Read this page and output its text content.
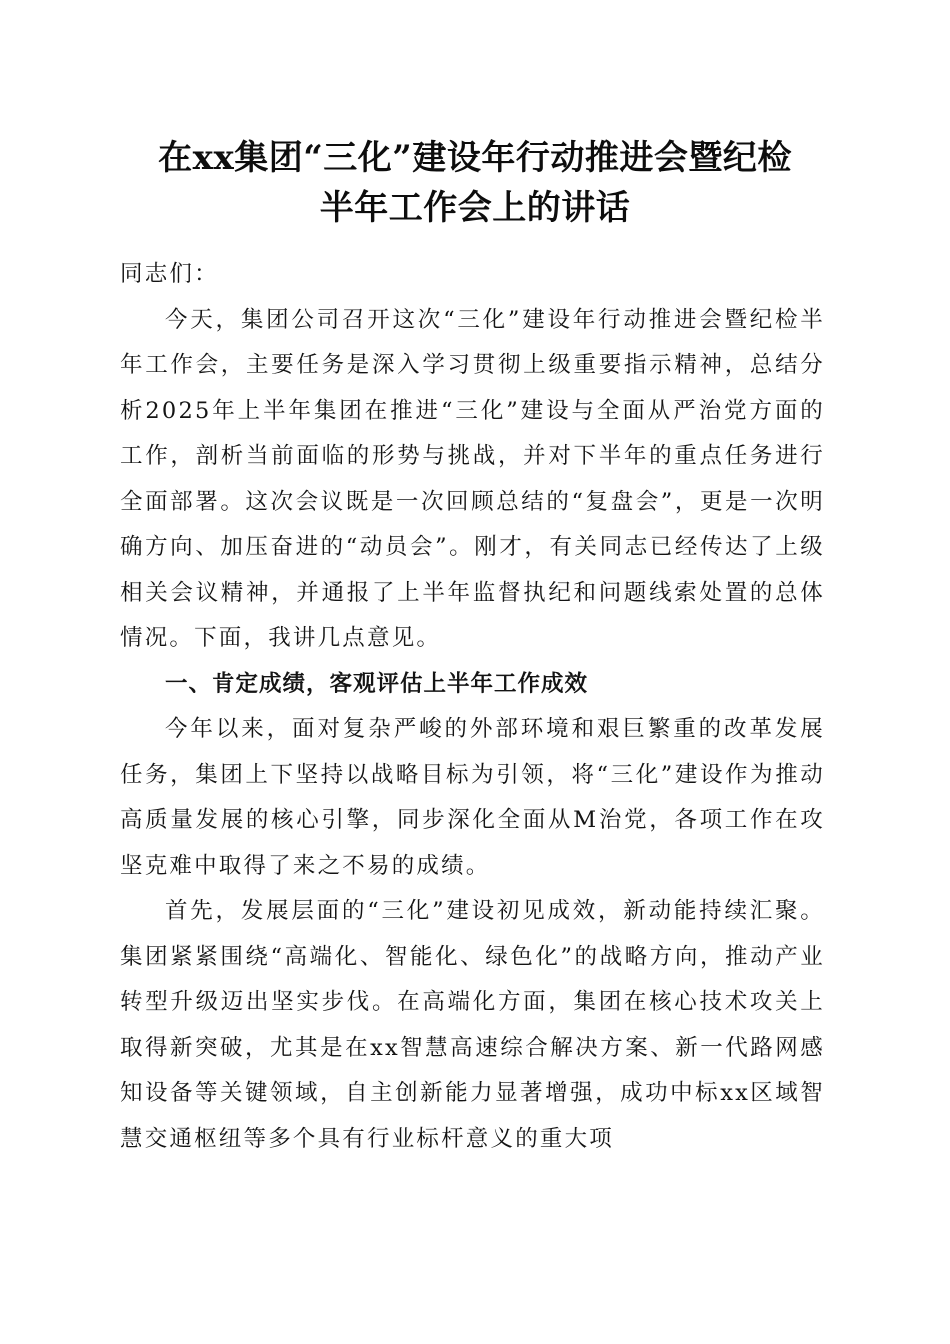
在xx集团“三化”建设年行动推进会暨纪检
半年工作会上的讲话

同志们：

今天，集团公司召开这次“三化”建设年行动推进会暨纪检半年工作会，主要任务是深入学习贯彻上级重要指示精神，总结分析2025年上半年集团在推进“三化”建设与全面从严治党方面的工作，剖析当前面临的形势与挑战，并对下半年的重点任务进行全面部署。这次会议既是一次回顾总结的“复盘会”，更是一次明确方向、加压奋进的“动员会”。刚才，有关同志已经传达了上级相关会议精神，并通报了上半年监督执纪和问题线索处置的总体情况。下面，我讲几点意见。

一、肯定成绩，客观评估上半年工作成效

今年以来，面对复杂严峻的外部环境和艰巨繁重的改革发展任务，集团上下坚持以战略目标为引领，将“三化”建设作为推动高质量发展的核心引擎，同步深化全面从M治党，各项工作在攻坚克难中取得了来之不易的成绩。

首先，发展层面的“三化”建设初见成效，新动能持续汇聚。集团紧紧围绕“高端化、智能化、绿色化”的战略方向，推动产业转型升级迈出坚实步伐。在高端化方面，集团在核心技术攻关上取得新突破，尤其是在xx智慧高速综合解决方案、新一代路网感知设备等关键领域，自主创新能力显著增强，成功中标xx区域智慧交通枢纽等多个具有行业标杆意义的重大项
